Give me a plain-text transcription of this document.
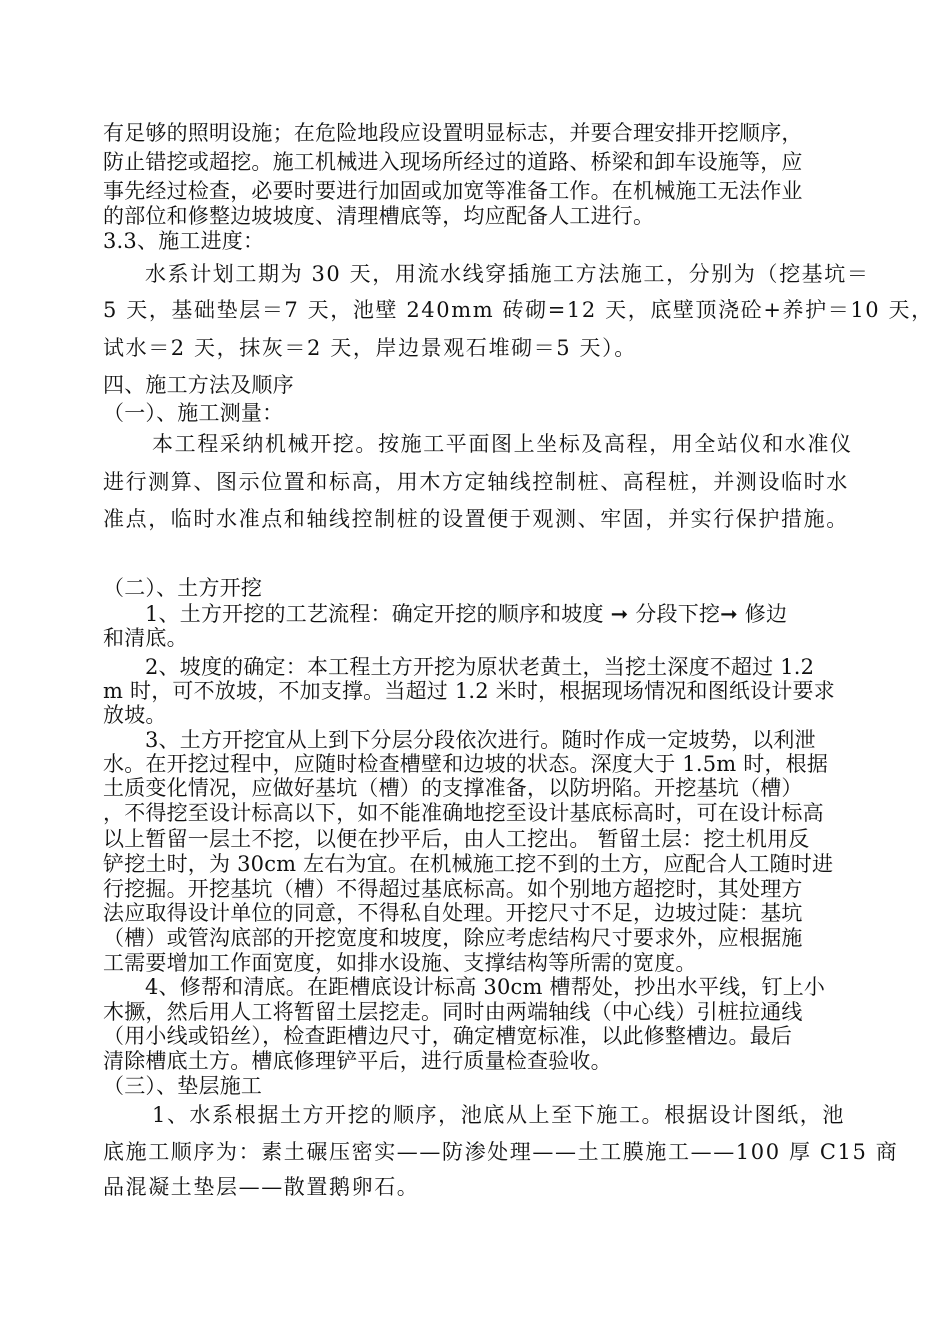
有足够的照明设施；在危险地段应设置明显标志，并要合理安排开挖顺序，
防止错挖或超挖。施工机械进入现场所经过的道路、桥梁和卸车设施等，应
事先经过检查，必要时要进行加固或加宽等准备工作。在机械施工无法作业
的部位和修整边坡坡度、清理槽底等，均应配备人工进行。
3.3、施工进度：
水系计划工期为 30 天，用流水线穿插施工方法施工，分别为（挖基坑＝
5 天，基础垫层＝7 天，池壁 240mm 砖砌=12 天，底壁顶浇砼+养护＝10 天，
试水＝2 天，抹灰＝2 天，岸边景观石堆砌＝5 天）。
四、施工方法及顺序
（一）、施工测量：
本工程采纳机械开挖。按施工平面图上坐标及高程，用全站仪和水准仪
进行测算、图示位置和标高，用木方定轴线控制桩、高程桩，并测设临时水
准点，临时水准点和轴线控制桩的设置便于观测、牢固，并实行保护措施。
（二）、土方开挖
1、土方开挖的工艺流程：确定开挖的顺序和坡度 ➞ 分段下挖➞ 修边
和清底。
2、坡度的确定：本工程土方开挖为原状老黄土，当挖土深度不超过 1.2
m 时，可不放坡，不加支撑。当超过 1.2 米时，根据现场情况和图纸设计要求
放坡。
3、土方开挖宜从上到下分层分段依次进行。随时作成一定坡势，以利泄
水。在开挖过程中，应随时检查槽壁和边坡的状态。深度大于 1.5m 时，根据
土质变化情况，应做好基坑（槽）的支撑准备，以防坍陷。开挖基坑（槽）
，不得挖至设计标高以下，如不能准确地挖至设计基底标高时，可在设计标高
以上暂留一层土不挖，以便在抄平后，由人工挖出。 暂留土层：挖土机用反
铲挖土时，为 30cm 左右为宜。在机械施工挖不到的土方，应配合人工随时进
行挖掘。开挖基坑（槽）不得超过基底标高。如个别地方超挖时，其处理方
法应取得设计单位的同意，不得私自处理。开挖尺寸不足，边坡过陡：基坑
（槽）或管沟底部的开挖宽度和坡度，除应考虑结构尺寸要求外，应根据施
工需要增加工作面宽度，如排水设施、支撑结构等所需的宽度。
4、修帮和清底。在距槽底设计标高 30cm 槽帮处，抄出水平线，钉上小
木撅，然后用人工将暂留土层挖走。同时由两端轴线（中心线）引桩拉通线
（用小线或铅丝），检查距槽边尺寸，确定槽宽标准，以此修整槽边。最后
清除槽底土方。槽底修理铲平后，进行质量检查验收。
（三）、垫层施工
1、水系根据土方开挖的顺序，池底从上至下施工。根据设计图纸，池
底施工顺序为：素土碾压密实——防渗处理——土工膜施工——100 厚 C15 商
品混凝土垫层——散置鹅卵石。
